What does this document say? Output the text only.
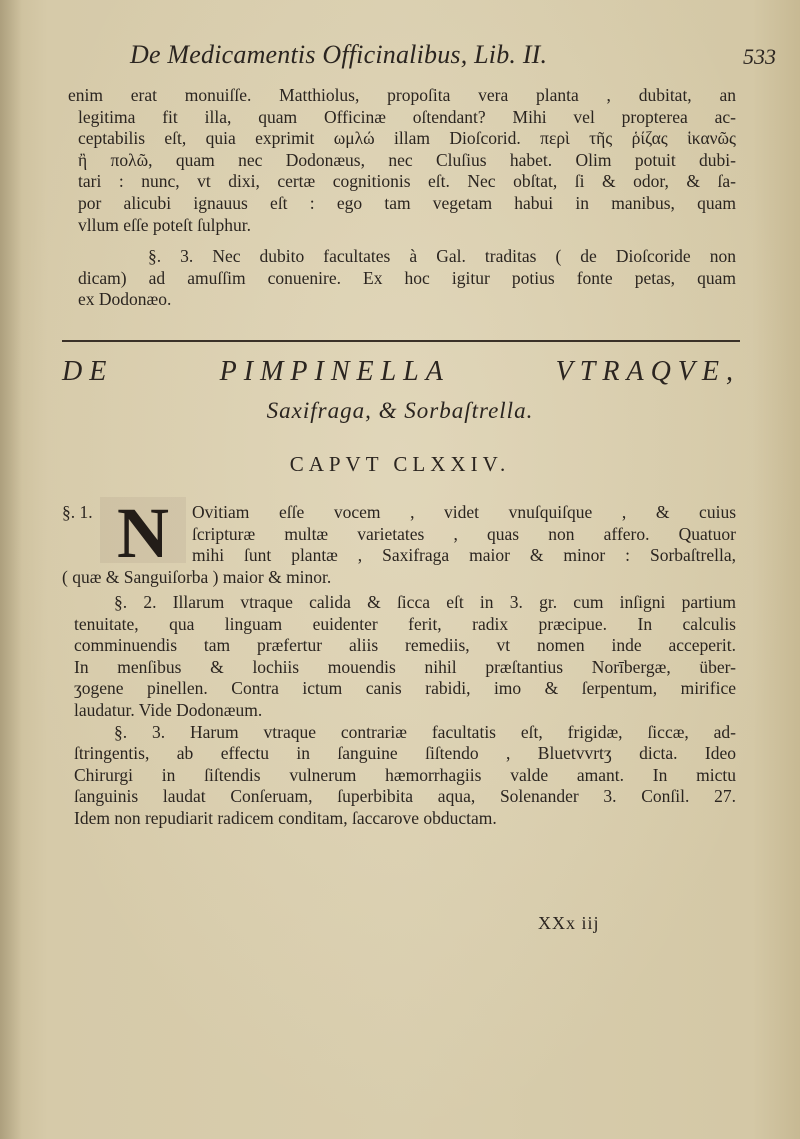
De Medicamentis Officinalibus, Lib. II.	533
enim erat monuiſſe. Matthiolus, propoſita vera planta , dubitat, an
legitima fit illa, quam Officinæ oſtendant? Mihi vel propterea ac-
ceptabilis eſt, quia exprimit ωμλώ illam Dioſcorid. περὶ τῆς ῥίζας ἱκανῶς
ἢ πολῶ, quam nec Dodonæus, nec Cluſius habet. Olim potuit dubi-
tari : nunc, vt dixi, certæ cognitionis eſt. Nec obſtat, ſi & odor, & ſa-
por alicubi ignauus eſt : ego tam vegetam habui in manibus, quam
vllum eſſe poteſt ſulphur.
§. 3. Nec dubito facultates à Gal. traditas ( de Dioſcoride non
dicam) ad amuſſim conuenire. Ex hoc igitur potius fonte petas, quam
ex Dodonæo.
DE PIMPINELLA VTRAQVE,
Saxifraga, & Sorbaſtrella.
CAPVT CLXXIV.
§. 1. N Ovitiam eſſe vocem , videt vnuſquiſque , & cuius
ſcripturæ multæ varietates , quas non affero. Quatuor
mihi ſunt plantæ , Saxifraga maior & minor : Sorbaſtrella,
( quæ & Sanguiſorba ) maior & minor.
§. 2. Illarum vtraque calida & ſicca eſt in 3. gr. cum inſigni partium
tenuitate, qua linguam euidenter ferit, radix præcipue. In calculis
comminuendis tam præfertur aliis remediis, vt nomen inde acceperit.
In menſibus & lochiis mouendis nihil præſtantius Norībergæ, über-
ʒogene pinellen. Contra ictum canis rabidi, imo & ſerpentum, mirifice
laudatur. Vide Dodonæum.
§. 3. Harum vtraque contrariæ facultatis eſt, frigidæ, ſiccæ, ad-
ſtringentis, ab effectu in ſanguine ſiſtendo , Bluetvvrtʒ dicta. Ideo
Chirurgi in ſiſtendis vulnerum hæmorrhagiis valde amant. In mictu
ſanguinis laudat Conſeruam, ſuperbibita aqua, Solenander 3. Conſil. 27.
Idem non repudiarit radicem conditam, ſaccarove obductam.
XXx iij
